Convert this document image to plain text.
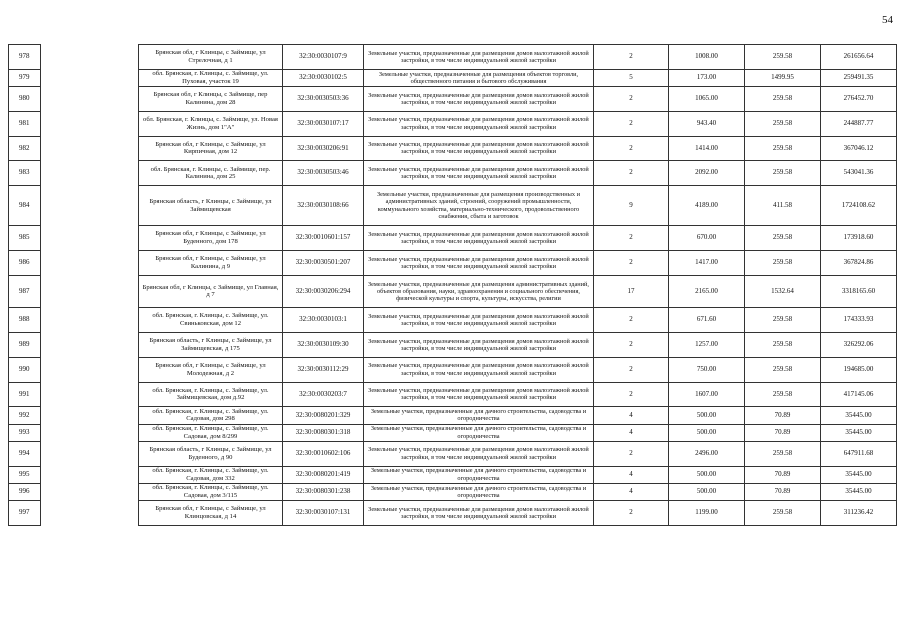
54
978		Брянская обл, г Клинцы, с Займище, ул Стрелочная, д 1	32:30:0030107:9	Земельные участки, предназначенные для размещения домов малоэтажной жилой застройки, в том числе индивидуальной жилой застройки	2	1008.00	259.58	261656.64
979		обл. Брянская, г. Клинцы, с. Займище, ул. Пуховая, участок 19	32:30:0030102:5	Земельные участки, предназначенные для размещения объектов торговли, общественного питания и бытового обслуживания	5	173.00	1499.95	259491.35
980		Брянская обл, г Клинцы, с Займище, пер Калинина, дом 28	32:30:0030503:36	Земельные участки, предназначенные для размещения домов малоэтажной жилой застройки, в том числе индивидуальной жилой застройки	2	1065.00	259.58	276452.70
981		обл. Брянская, г. Клинцы, с. Займище, ул. Новая Жизнь, дом 1"А"	32:30:0030107:17	Земельные участки, предназначенные для размещения домов малоэтажной жилой застройки, в том числе индивидуальной жилой застройки	2	943.40	259.58	244887.77
982		Брянская обл, г Клинцы, с Займище, ул Кирпичная, дом 12	32:30:0030206:91	Земельные участки, предназначенные для размещения домов малоэтажной жилой застройки, в том числе индивидуальной жилой застройки	2	1414.00	259.58	367046.12
983		обл. Брянская, г. Клинцы, с. Займище, пер. Калинина, дом 25	32:30:0030503:46	Земельные участки, предназначенные для размещения домов малоэтажной жилой застройки, в том числе индивидуальной жилой застройки	2	2092.00	259.58	543041.36
984		Брянская область, г Клинцы, с Займище, ул Займищевская	32:30:0030108:66	Земельные участки, предназначенные для размещения производственных и административных зданий, строений, сооружений промышленности, коммунального хозяйства, материально-технического, продовольственного снабжения, сбыта и заготовок	9	4189.00	411.58	1724108.62
985		Брянская обл, г Клинцы, с Займище, ул Буденного, дом 178	32:30:0010601:157	Земельные участки, предназначенные для размещения домов малоэтажной жилой застройки, в том числе индивидуальной жилой застройки	2	670.00	259.58	173918.60
986		Брянская обл, г Клинцы, с Займище, ул Калинина, д 9	32:30:0030501:207	Земельные участки, предназначенные для размещения домов малоэтажной жилой застройки, в том числе индивидуальной жилой застройки	2	1417.00	259.58	367824.86
987		Брянская обл, г Клинцы, с Займище, ул Главная, д 7	32:30:0030206:294	Земельные участки, предназначенные для размещения административных зданий, объектов образования, науки, здравоохранения и социального обеспечения, физической культуры и спорта, культуры, искусства, религии	17	2165.00	1532.64	3318165.60
988		обл. Брянская, г. Клинцы, с. Займище, ул. Свиньковская, дом 12	32:30:0030103:1	Земельные участки, предназначенные для размещения домов малоэтажной жилой застройки, в том числе индивидуальной жилой застройки	2	671.60	259.58	174333.93
989		Брянская область, г Клинцы, с Займище, ул Займищевская, д 175	32:30:0030109:30	Земельные участки, предназначенные для размещения домов малоэтажной жилой застройки, в том числе индивидуальной жилой застройки	2	1257.00	259.58	326292.06
990		Брянская обл, г Клинцы, с Займище, ул Молодежная, д 2	32:30:0030112:29	Земельные участки, предназначенные для размещения домов малоэтажной жилой застройки, в том числе индивидуальной жилой застройки	2	750.00	259.58	194685.00
991		обл. Брянская, г. Клинцы, с. Займище, ул. Займищевская, дом д.92	32:30:0030203:7	Земельные участки, предназначенные для размещения домов малоэтажной жилой застройки, в том числе индивидуальной жилой застройки	2	1607.00	259.58	417145.06
992		обл. Брянская, г. Клинцы, с. Займище, ул. Садовая, дом 298	32:30:0080201:329	Земельные участки, предназначенные для дачного строительства, садоводства и огородничества	4	500.00	70.89	35445.00
993		обл. Брянская, г. Клинцы, с. Займище, ул. Садовая, дом 8/299	32:30:0080301:318	Земельные участки, предназначенные для дачного строительства, садоводства и огородничества	4	500.00	70.89	35445.00
994		Брянская область, г Клинцы, с Займище, ул Буденного, д 90	32:30:0010602:106	Земельные участки, предназначенные для размещения домов малоэтажной жилой застройки, в том числе индивидуальной жилой застройки	2	2496.00	259.58	647911.68
995		обл. Брянская, г. Клинцы, с. Займище, ул. Садовая, дом 332	32:30:0080201:419	Земельные участки, предназначенные для дачного строительства, садоводства и огородничества	4	500.00	70.89	35445.00
996		обл. Брянская, г. Клинцы, с. Займище, ул. Садовая, дом 3/115	32:30:0080301:238	Земельные участки, предназначенные для дачного строительства, садоводства и огородничества	4	500.00	70.89	35445.00
997		Брянская обл, г Клинцы, с Займище, ул Клинцовская, д 14	32:30:0030107:131	Земельные участки, предназначенные для размещения домов малоэтажной жилой застройки, в том числе индивидуальной жилой застройки	2	1199.00	259.58	311236.42
